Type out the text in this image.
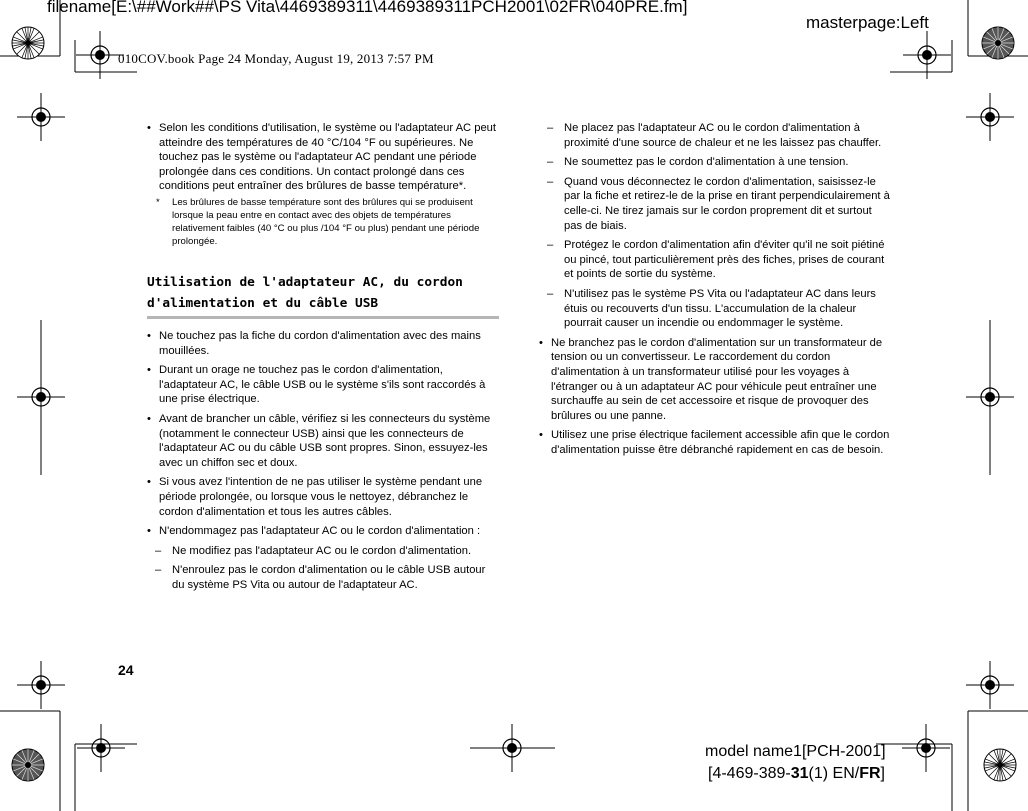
filename[E:\##Work##\PS Vita\4469389311\4469389311PCH2001\02FR\040PRE.fm]
masterpage:Left
010COV.book Page 24 Monday, August 19, 2013 7:57 PM
• Selon les conditions d'utilisation, le système ou l'adaptateur AC peut atteindre des températures de 40 °C/104 °F ou supérieures. Ne touchez pas le système ou l'adaptateur AC pendant une période prolongée dans ces conditions. Un contact prolongé dans ces conditions peut entraîner des brûlures de basse température*.
* Les brûlures de basse température sont des brûlures qui se produisent lorsque la peau entre en contact avec des objets de températures relativement faibles (40 °C ou plus /104 °F ou plus) pendant une période prolongée.
Utilisation de l'adaptateur AC, du cordon
d'alimentation et du câble USB
• Ne touchez pas la fiche du cordon d'alimentation avec des mains mouillées.
• Durant un orage ne touchez pas le cordon d'alimentation, l'adaptateur AC, le câble USB ou le système s'ils sont raccordés à une prise électrique.
• Avant de brancher un câble, vérifiez si les connecteurs du système (notamment le connecteur USB) ainsi que les connecteurs de l'adaptateur AC ou du câble USB sont propres. Sinon, essuyez-les avec un chiffon sec et doux.
• Si vous avez l'intention de ne pas utiliser le système pendant une période prolongée, ou lorsque vous le nettoyez, débranchez le cordon d'alimentation et tous les autres câbles.
• N'endommagez pas l'adaptateur AC ou le cordon d'alimentation :
– Ne modifiez pas l'adaptateur AC ou le cordon d'alimentation.
– N'enroulez pas le cordon d'alimentation ou le câble USB autour du système PS Vita ou autour de l'adaptateur AC.
– Ne placez pas l'adaptateur AC ou le cordon d'alimentation à proximité d'une source de chaleur et ne les laissez pas chauffer.
– Ne soumettez pas le cordon d'alimentation à une tension.
– Quand vous déconnectez le cordon d'alimentation, saisissez-le par la fiche et retirez-le de la prise en tirant perpendiculairement à celle-ci. Ne tirez jamais sur le cordon proprement dit et surtout pas de biais.
– Protégez le cordon d'alimentation afin d'éviter qu'il ne soit piétiné ou pincé, tout particulièrement près des fiches, prises de courant et points de sortie du système.
– N'utilisez pas le système PS Vita ou l'adaptateur AC dans leurs étuis ou recouverts d'un tissu. L'accumulation de la chaleur pourrait causer un incendie ou endommager le système.
• Ne branchez pas le cordon d'alimentation sur un transformateur de tension ou un convertisseur. Le raccordement du cordon d'alimentation à un transformateur utilisé pour les voyages à l'étranger ou à un adaptateur AC pour véhicule peut entraîner une surchauffe au sein de cet accessoire et risque de provoquer des brûlures ou une panne.
• Utilisez une prise électrique facilement accessible afin que le cordon d'alimentation puisse être débranché rapidement en cas de besoin.
24
model name1[PCH-2001]
[4-469-389-31(1) EN/FR]
